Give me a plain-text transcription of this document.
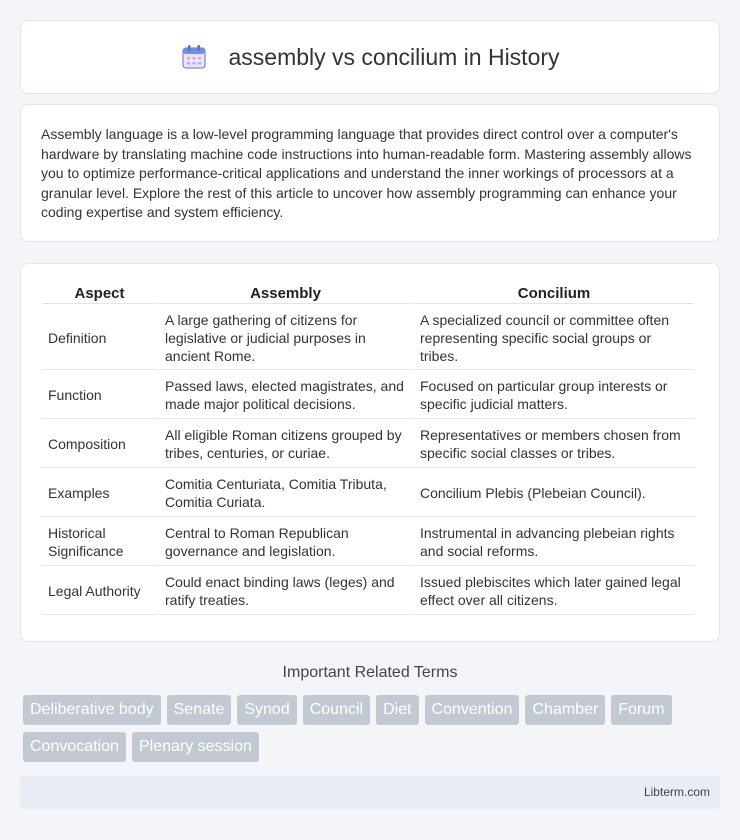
assembly vs concilium in History

Assembly language is a low-level programming language that provides direct control over a computer's hardware by translating machine code instructions into human-readable form. Mastering assembly allows you to optimize performance-critical applications and understand the inner workings of processors at a granular level. Explore the rest of this article to uncover how assembly programming can enhance your coding expertise and system efficiency.

Aspect	Assembly	Concilium
Definition	A large gathering of citizens for legislative or judicial purposes in ancient Rome.	A specialized council or committee often representing specific social groups or tribes.
Function	Passed laws, elected magistrates, and made major political decisions.	Focused on particular group interests or specific judicial matters.
Composition	All eligible Roman citizens grouped by tribes, centuries, or curiae.	Representatives or members chosen from specific social classes or tribes.
Examples	Comitia Centuriata, Comitia Tributa, Comitia Curiata.	Concilium Plebis (Plebeian Council).
Historical Significance	Central to Roman Republican governance and legislation.	Instrumental in advancing plebeian rights and social reforms.
Legal Authority	Could enact binding laws (leges) and ratify treaties.	Issued plebiscites which later gained legal effect over all citizens.
Important Related Terms
Deliberative body	Senate	Synod	Council	Diet	Convention	Chamber	Forum
Convocation	Plenary session
Libterm.com
